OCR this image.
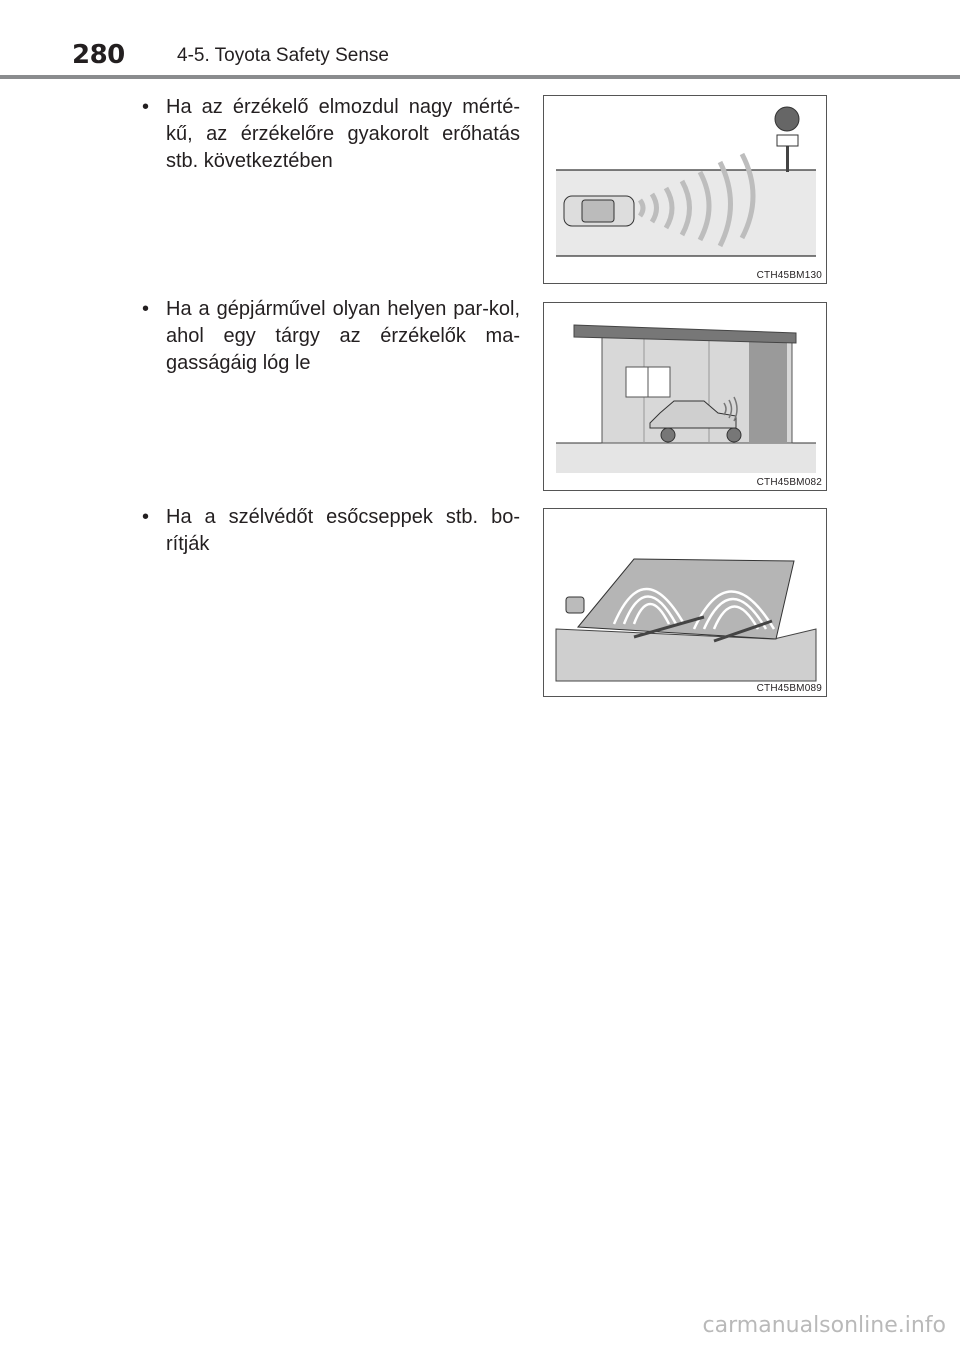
280	4-5. Toyota Safety Sense
• Ha az érzékelő elmozdul nagy mérté-kű, az érzékelőre gyakorolt erőhatás stb. következtében
CTH45BM130
• Ha a gépjárművel olyan helyen par-kol, ahol egy tárgy az érzékelők ma-gasságáig lóg le
CTH45BM082
• Ha a szélvédőt esőcseppek stb. bo-rítják
CTH45BM089
carmanualsonline.info
